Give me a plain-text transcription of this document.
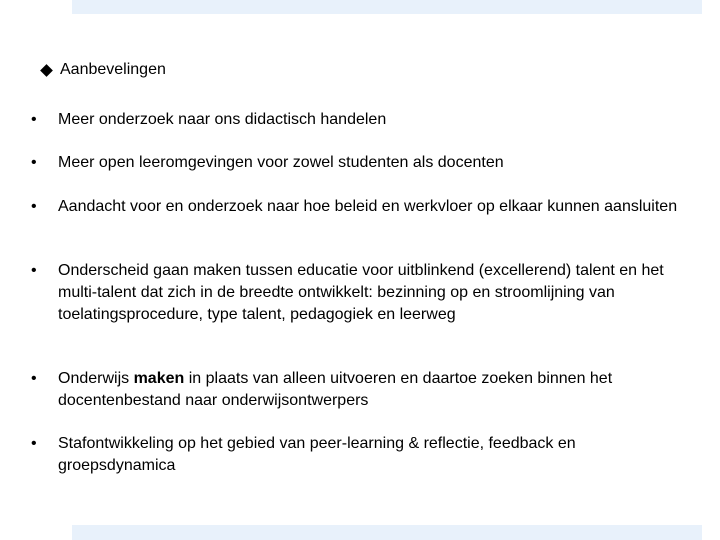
Aanbevelingen
•	Meer onderzoek naar ons didactisch handelen
•	Meer open leeromgevingen voor zowel studenten als docenten
•	Aandacht voor en onderzoek naar hoe beleid en werkvloer op elkaar kunnen aansluiten
•	Onderscheid gaan maken tussen educatie voor uitblinkend (excellerend) talent en het multi-talent dat zich in de breedte ontwikkelt: bezinning op en stroomlijning van toelatingsprocedure, type talent, pedagogiek en leerweg
•	Onderwijs maken in plaats van alleen uitvoeren en daartoe zoeken binnen het docentenbestand naar onderwijsontwerpers
•	Stafontwikkeling op het gebied van peer-learning & reflectie, feedback en groepsdynamica
